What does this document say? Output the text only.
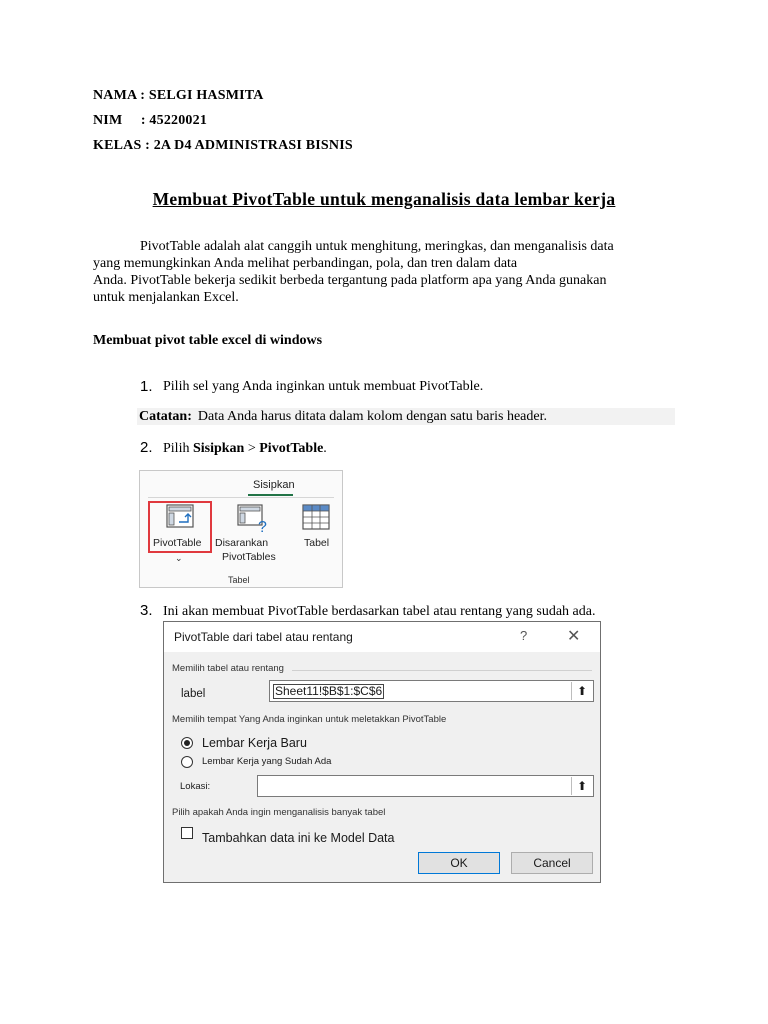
NAMA : SELGI HASMITA
NIM     : 45220021
KELAS : 2A D4 ADMINISTRASI BISNIS
Membuat PivotTable untuk menganalisis data lembar kerja
PivotTable adalah alat canggih untuk menghitung, meringkas, dan menganalisis data
yang memungkinkan Anda melihat perbandingan, pola, dan tren dalam data
Anda. PivotTable bekerja sedikit berbeda tergantung pada platform apa yang Anda gunakan
untuk menjalankan Excel.
Membuat pivot table excel di windows
1. Pilih sel yang Anda inginkan untuk membuat PivotTable.
Catatan: Data Anda harus ditata dalam kolom dengan satu baris header.
2. Pilih Sisipkan > PivotTable.
Sisipkan
PivotTable
⌄
?
Disarankan
PivotTables
Tabel
Tabel
3. Ini akan membuat PivotTable berdasarkan tabel atau rentang yang sudah ada.
PivotTable dari tabel atau rentang	? ✕
Memilih tabel atau rentang
label	Sheet11!$B$1:$C$6	⬆
Memilih tempat Yang Anda inginkan untuk meletakkan PivotTable
Lembar Kerja Baru
Lembar Kerja yang Sudah Ada
Lokasi:	⬆
Pilih apakah Anda ingin menganalisis banyak tabel
Tambahkan data ini ke Model Data
OK	Cancel
